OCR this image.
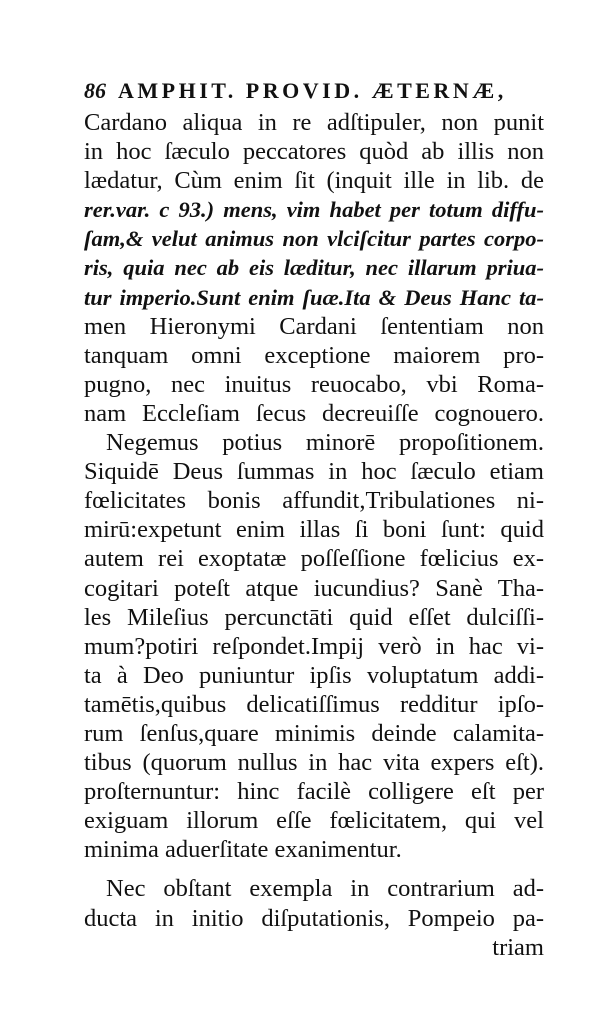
86 AMPHIT. PROVID. ÆTERNÆ,
Cardano aliqua in re adſtipuler, non punit
in hoc ſæculo peccatores quòd ab illis non
lædatur, Cùm enim ſit (inquit ille in lib. de
rer.var. c 93.) mens, vim habet per totum diffu-
ſam,& velut animus non vlciſcitur partes corpo-
ris, quia nec ab eis læditur, nec illarum priua-
tur imperio.Sunt enim ſuæ.Ita & Deus Hanc ta-
men Hieronymi Cardani ſententiam non
tanquam omni exceptione maiorem pro-
pugno, nec inuitus reuocabo, vbi Roma-
nam Eccleſiam ſecus decreuiſſe cognouero.
Negemus potius minorē propoſitionem.
Siquidē Deus ſummas in hoc ſæculo etiam
fœlicitates bonis affundit,Tribulationes ni-
mirū:expetunt enim illas ſi boni ſunt: quid
autem rei exoptatæ poſſeſſione fœlicius ex-
cogitari poteſt atque iucundius? Sanè Tha-
les Mileſius percunctāti quid eſſet dulciſſi-
mum?potiri reſpondet.Impij verò in hac vi-
ta à Deo puniuntur ipſis voluptatum addi-
tamētis,quibus delicatiſſimus redditur ipſo-
rum ſenſus,quare minimis deinde calamita-
tibus (quorum nullus in hac vita expers eſt).
proſternuntur: hinc facilè colligere eſt per
exiguam illorum eſſe fœlicitatem, qui vel
minima aduerſitate exanimentur.
Nec obſtant exempla in contrarium ad-
ducta in initio diſputationis, Pompeio pa-
triam
